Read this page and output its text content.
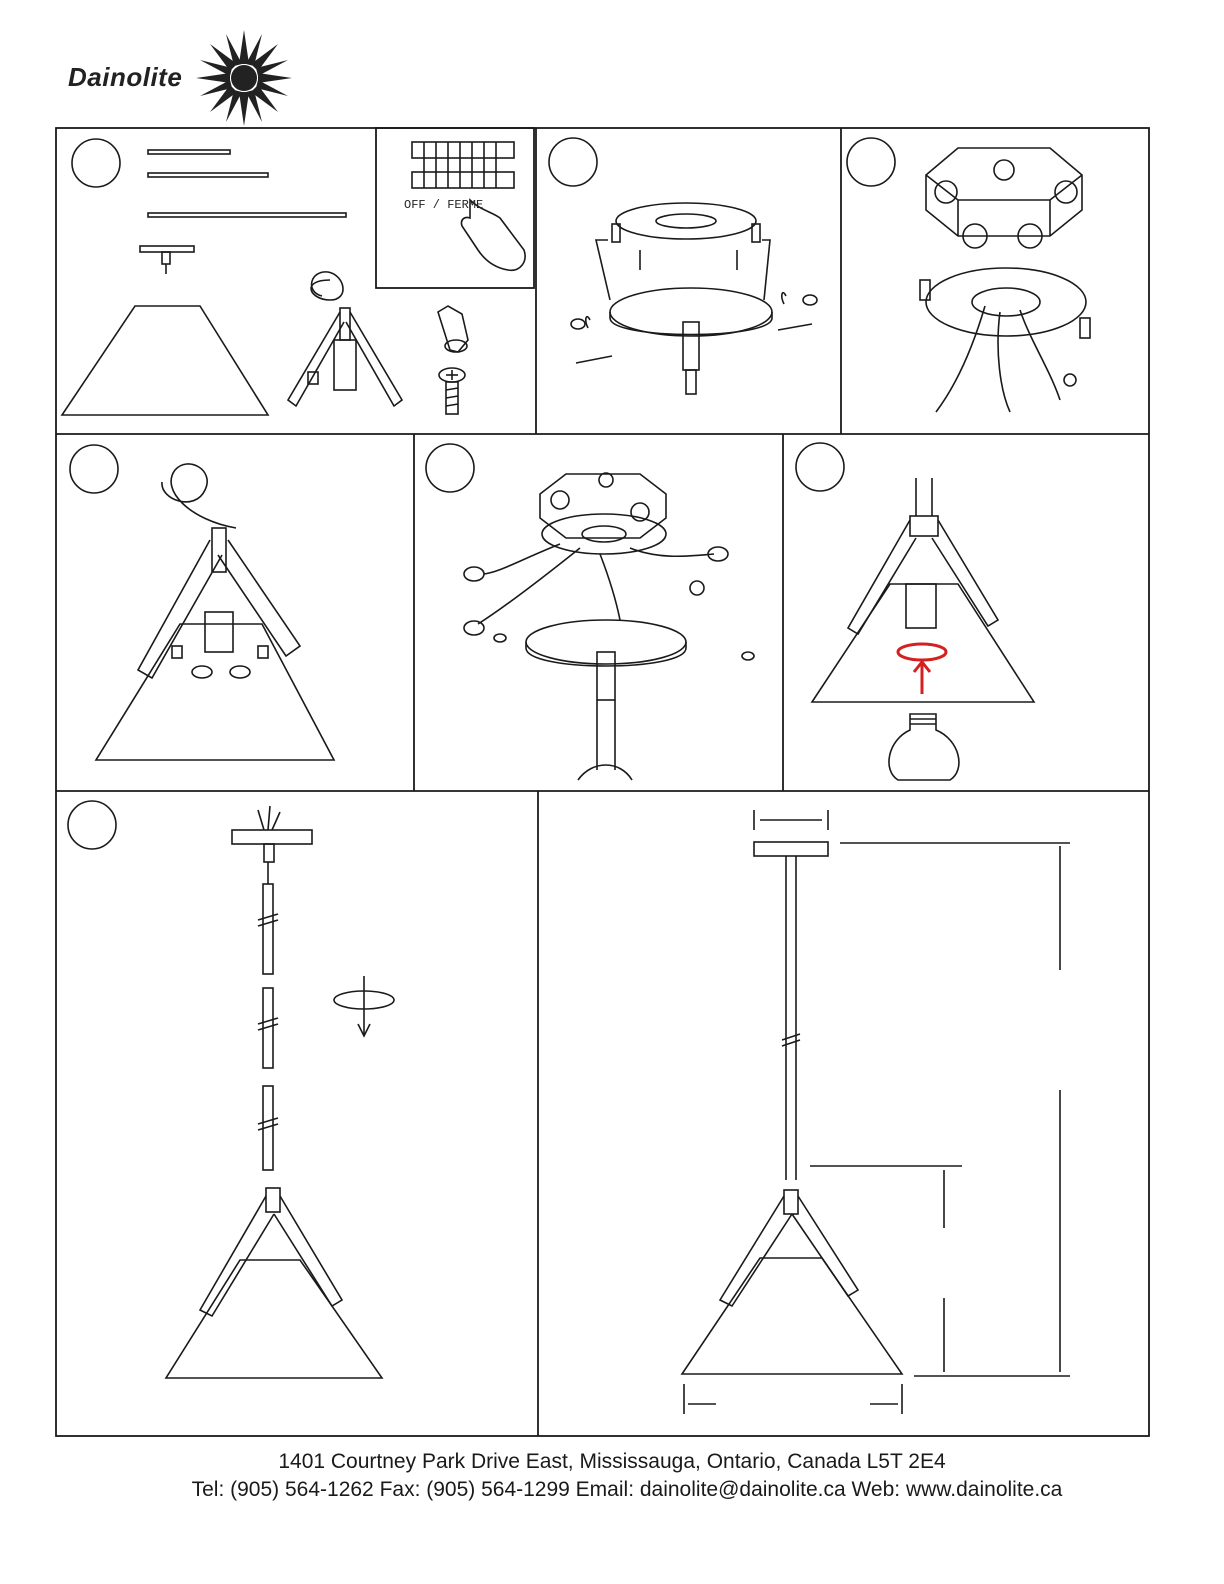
Dainolite
OFF / FERME
1401 Courtney Park Drive East, Mississauga, Ontario, Canada L5T 2E4
Tel: (905) 564-1262 Fax: (905) 564-1299 Email: dainolite@dainolite.ca Web: www.dainolite.ca
